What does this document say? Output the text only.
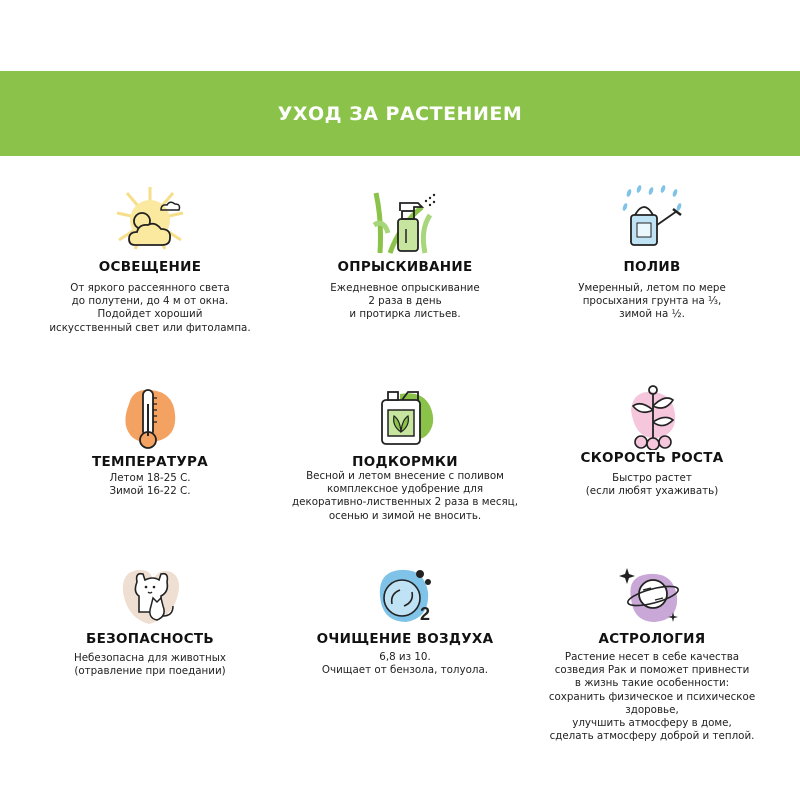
УХОД ЗА РАСТЕНИЕМ
ОСВЕЩЕНИЕ

От яркого рассеянного света
до полутени, до 4 м от окна.
Подойдет хороший
искусственный свет или фитолампа.

ОПРЫСКИВАНИЕ

Ежедневное опрыскивание
2 раза в день
и протирка листьев.

ПОЛИВ

Умеренный, летом по мере
просыхания грунта на ⅓,
зимой на ½.

ТЕМПЕРАТУРА

Летом 18-25 С.
Зимой 16-22 С.

ПОДКОРМКИ

Весной и летом внесение с поливом
комплексное удобрение для
декоративно-лиственных 2 раза в месяц,
осенью и зимой не вносить.

СКОРОСТЬ РОСТА

Быстро растет
(если любят ухаживать)

БЕЗОПАСНОСТЬ

Небезопасна для животных
(отравление при поедании)

2
ОЧИЩЕНИЕ ВОЗДУХА

6,8 из 10.
Очищает от бензола, толуола.

АСТРОЛОГИЯ

Растение несет в себе качества
созведия Рак и поможет привнести
в жизнь такие особенности:
сохранить физическое и психическое здоровье,
улучшить атмосферу в доме,
сделать атмосферу доброй и теплой.
